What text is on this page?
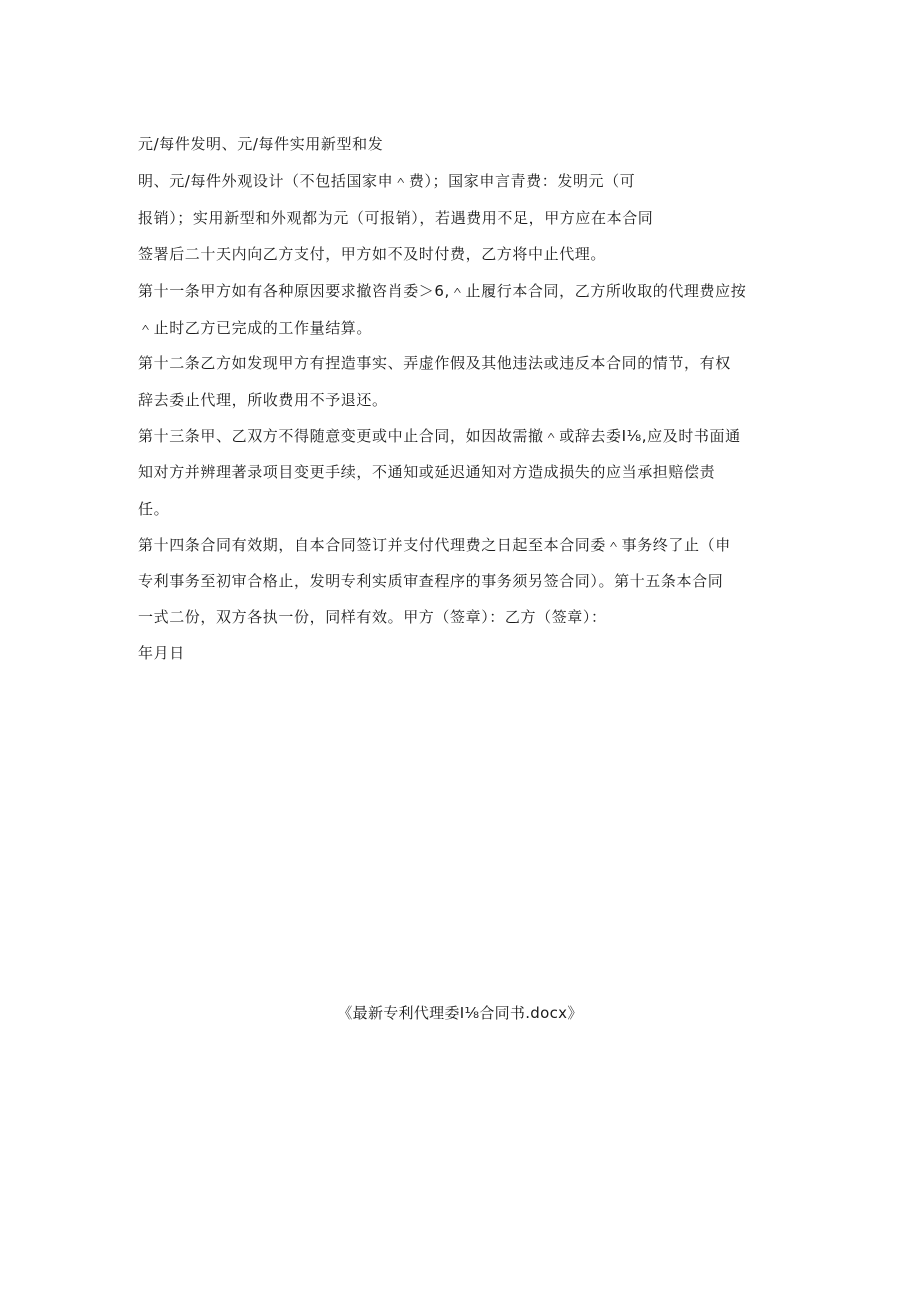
元/每件发明、元/每件实用新型和发
明、元/每件外观设计（不包括国家申＾费）；国家申言青费：发明元（可
报销）；实用新型和外观都为元（可报销），若遇费用不足，甲方应在本合同
签署后二十天内向乙方支付，甲方如不及时付费，乙方将中止代理。
第十一条甲方如有各种原因要求撤咨肖委＞6,＾止履行本合同，乙方所收取的代理费应按
＾止时乙方已完成的工作量结算。
第十二条乙方如发现甲方有捏造事实、弄虚作假及其他违法或违反本合同的情节，有权
辞去委止代理，所收费用不予退还。
第十三条甲、乙双方不得随意变更或中止合同，如因故需撤＾或辞去委Ⅰ⅛,应及时书面通
知对方并辨理著录项目变更手续，不通知或延迟通知对方造成损失的应当承担赔偿责
任。
第十四条合同有效期，自本合同签订并支付代理费之日起至本合同委＾事务终了止（申
专利事务至初审合格止，发明专利实质审查程序的事务须另签合同）。第十五条本合同
一式二份，双方各执一份，同样有效。甲方（签章）：乙方（签章）：
年月日
《最新专利代理委Ⅰ⅛合同书.docx》
